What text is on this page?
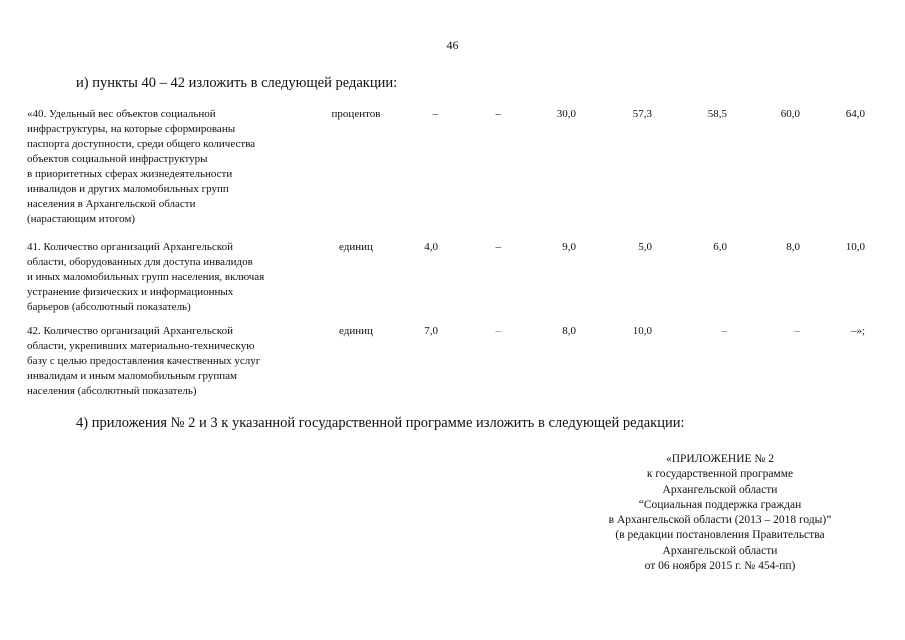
46
и) пункты 40 – 42 изложить в следующей редакции:
«40. Удельный вес объектов социальной
инфраструктуры, на которые сформированы
паспорта доступности, среди общего количества
объектов социальной инфраструктуры
в приоритетных сферах жизнедеятельности
инвалидов и других маломобильных групп
населения в Архангельской области
(нарастающим итогом)
процентов	–	–	30,0	57,3	58,5	60,0	64,0
41. Количество организаций Архангельской
области, оборудованных для доступа инвалидов
и иных маломобильных групп населения, включая
устранение физических и информационных
барьеров (абсолютный показатель)
единиц	4,0	–	9,0	5,0	6,0	8,0	10,0
42. Количество организаций Архангельской
области, укрепивших материально-техническую
базу с целью предоставления качественных услуг
инвалидам и иным маломобильным группам
населения (абсолютный показатель)
единиц	7,0	–	8,0	10,0	–	–	–»;
4) приложения № 2 и 3 к указанной государственной программе изложить в следующей редакции:
«ПРИЛОЖЕНИЕ № 2
к государственной программе
Архангельской области
“Социальная поддержка граждан
в Архангельской области (2013 – 2018 годы)”
(в редакции постановления Правительства
Архангельской области
от 06 ноября 2015 г. № 454-пп)
